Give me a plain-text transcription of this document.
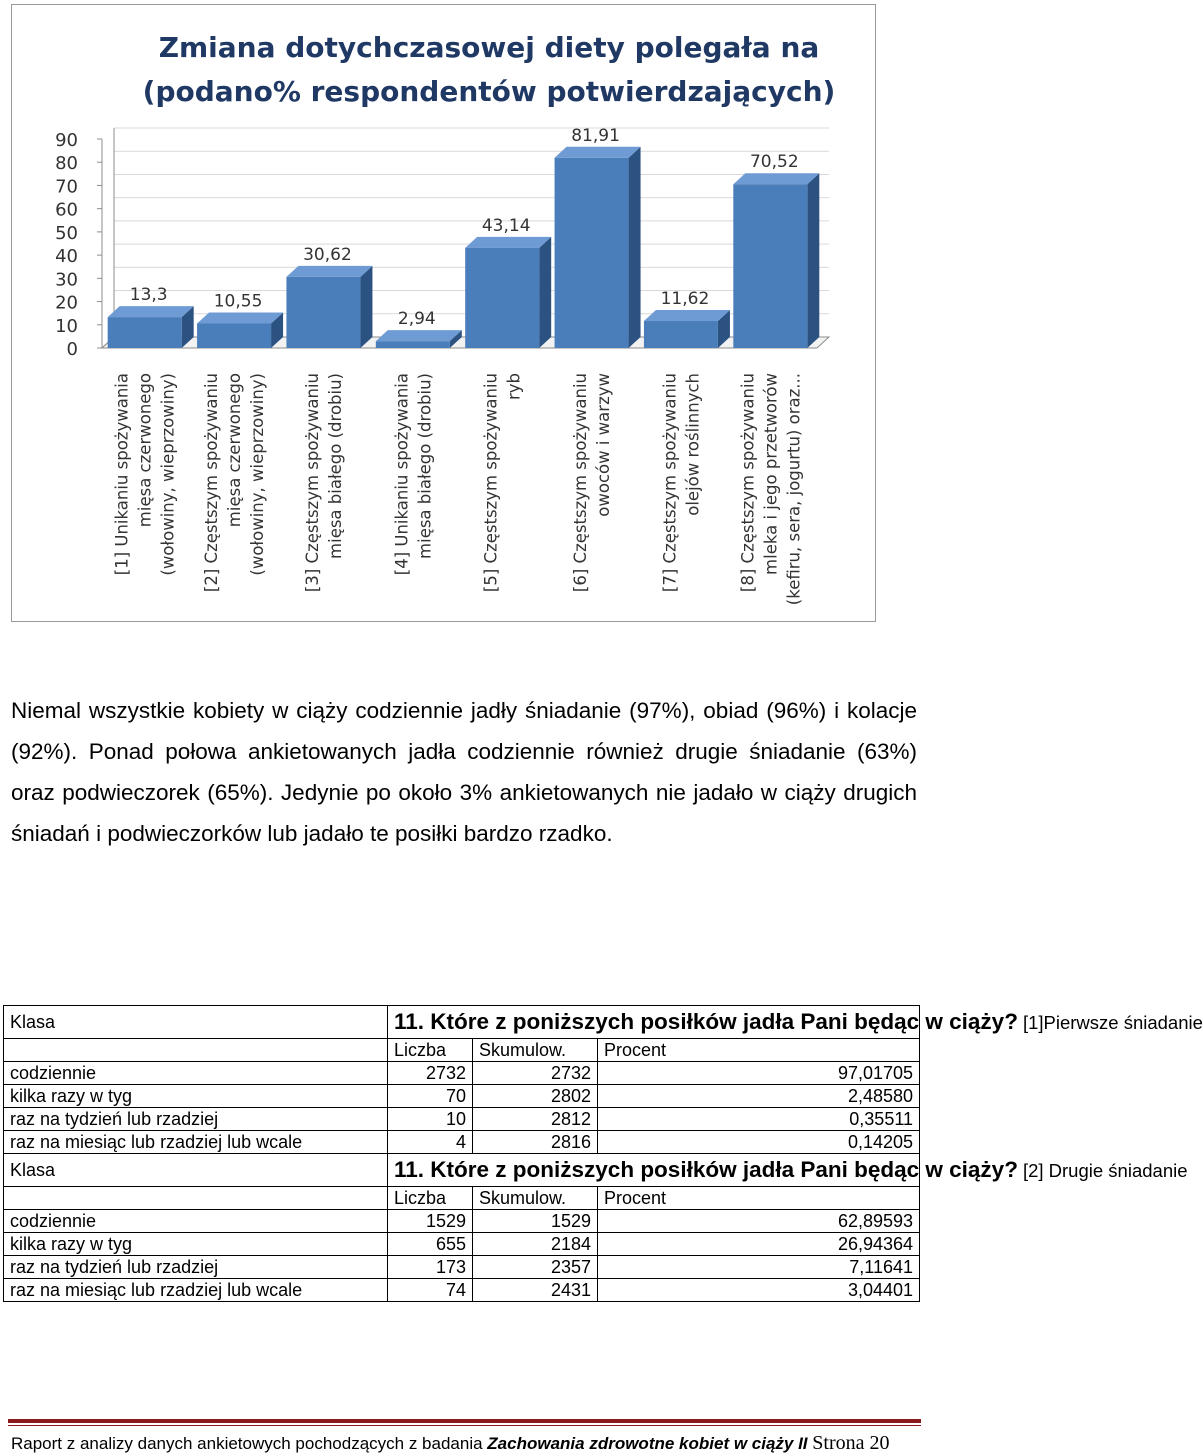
Zmiana dotychczasowej diety polegała na
(podano% respondentów potwierdzających)
0
10
20
30
40
50
60
70
80
90
13,3
[1] Unikaniu spożywania mięsa czerwonego (wołowiny, wieprzowiny)
10,55
[2] Częstszym spożywaniu mięsa czerwonego (wołowiny, wieprzowiny)
30,62
[3] Częstszym spożywaniu mięsa białego (drobiu)
2,94
[4] Unikaniu spożywania mięsa białego (drobiu)
43,14
[5] Częstszym spożywaniu ryb
81,91
[6] Częstszym spożywaniu owoców i warzyw
11,62
[7] Częstszym spożywaniu olejów roślinnych
70,52
[8] Częstszym spożywaniu mleka i jego przetworów (kefiru, sera, jogurtu) oraz...

Niemal wszystkie kobiety w ciąży codziennie jadły śniadanie (97%), obiad (96%) i kolacje (92%). Ponad połowa ankietowanych jadła codziennie również drugie śniadanie (63%) oraz podwieczorek (65%). Jedynie po około 3% ankietowanych nie jadało w ciąży drugich śniadań i podwieczorków lub jadało te posiłki bardzo rzadko.

Klasa	11. Które z poniższych posiłków jadła Pani będąc w ciąży? [1]Pierwsze śniadanie		
	Liczba	Skumulow.	Procent
codziennie	2732	2732	97,01705
kilka razy w tyg	70	2802	2,48580
raz na tydzień lub rzadziej	10	2812	0,35511
raz na miesiąc lub rzadziej lub wcale	4	2816	0,14205
Klasa	11. Które z poniższych posiłków jadła Pani będąc w ciąży? [2] Drugie śniadanie		
	Liczba	Skumulow.	Procent
codziennie	1529	1529	62,89593
kilka razy w tyg	655	2184	26,94364
raz na tydzień lub rzadziej	173	2357	7,11641
raz na miesiąc lub rzadziej lub wcale	74	2431	3,04401
Raport z analizy danych ankietowych pochodzących z badania Zachowania zdrowotne kobiet w ciąży II Strona 20
